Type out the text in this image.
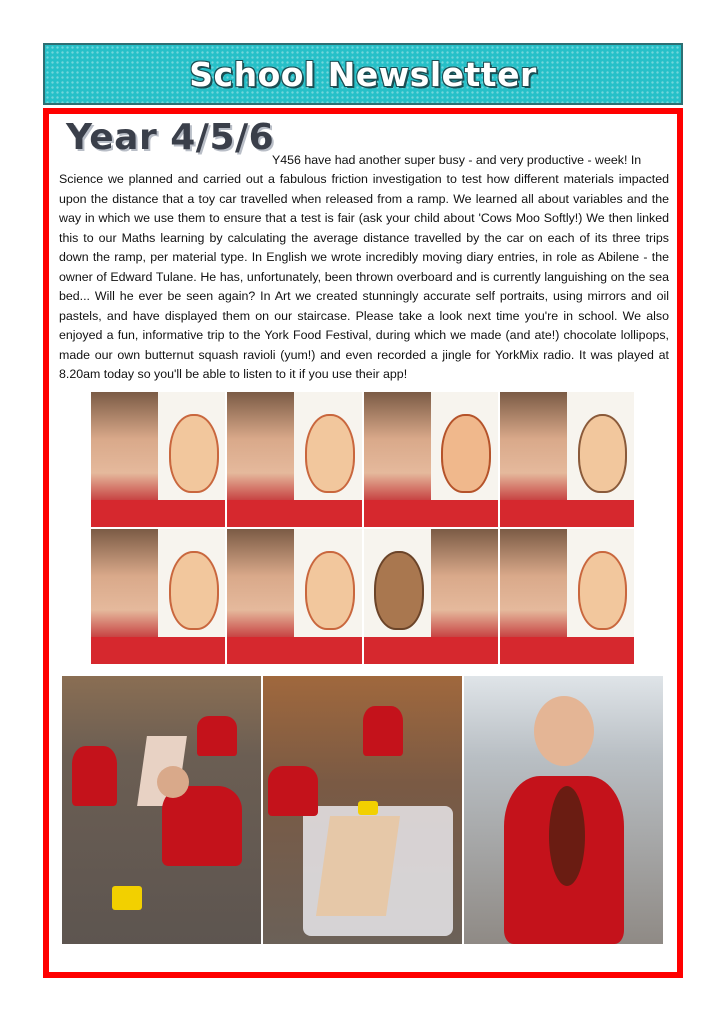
School Newsletter
Year 4/5/6
Y456 have had another super busy - and very productive - week! In
Science we planned and carried out a fabulous friction investigation to test how different materials impacted upon the distance that a toy car travelled when released from a ramp. We learned all about variables and the way in which we use them to ensure that a test is fair (ask your child about 'Cows Moo Softly!) We then linked this to our Maths learning by calculating the average distance travelled by the car on each of its three trips down the ramp, per material type. In English we wrote incredibly moving diary entries, in role as Abilene - the owner of Edward Tulane. He has, unfortunately, been thrown overboard and is currently languishing on the sea bed... Will he ever be seen again? In Art we created stunningly accurate self portraits, using mirrors and oil pastels, and have displayed them on our staircase. Please take a look next time you're in school. We also enjoyed a fun, informative trip to the York Food Festival, during which we made (and ate!) chocolate lollipops, made our own butternut squash ravioli (yum!) and even recorded a jingle for YorkMix radio. It was played at 8.20am today so you'll be able to listen to it if you use their app!
